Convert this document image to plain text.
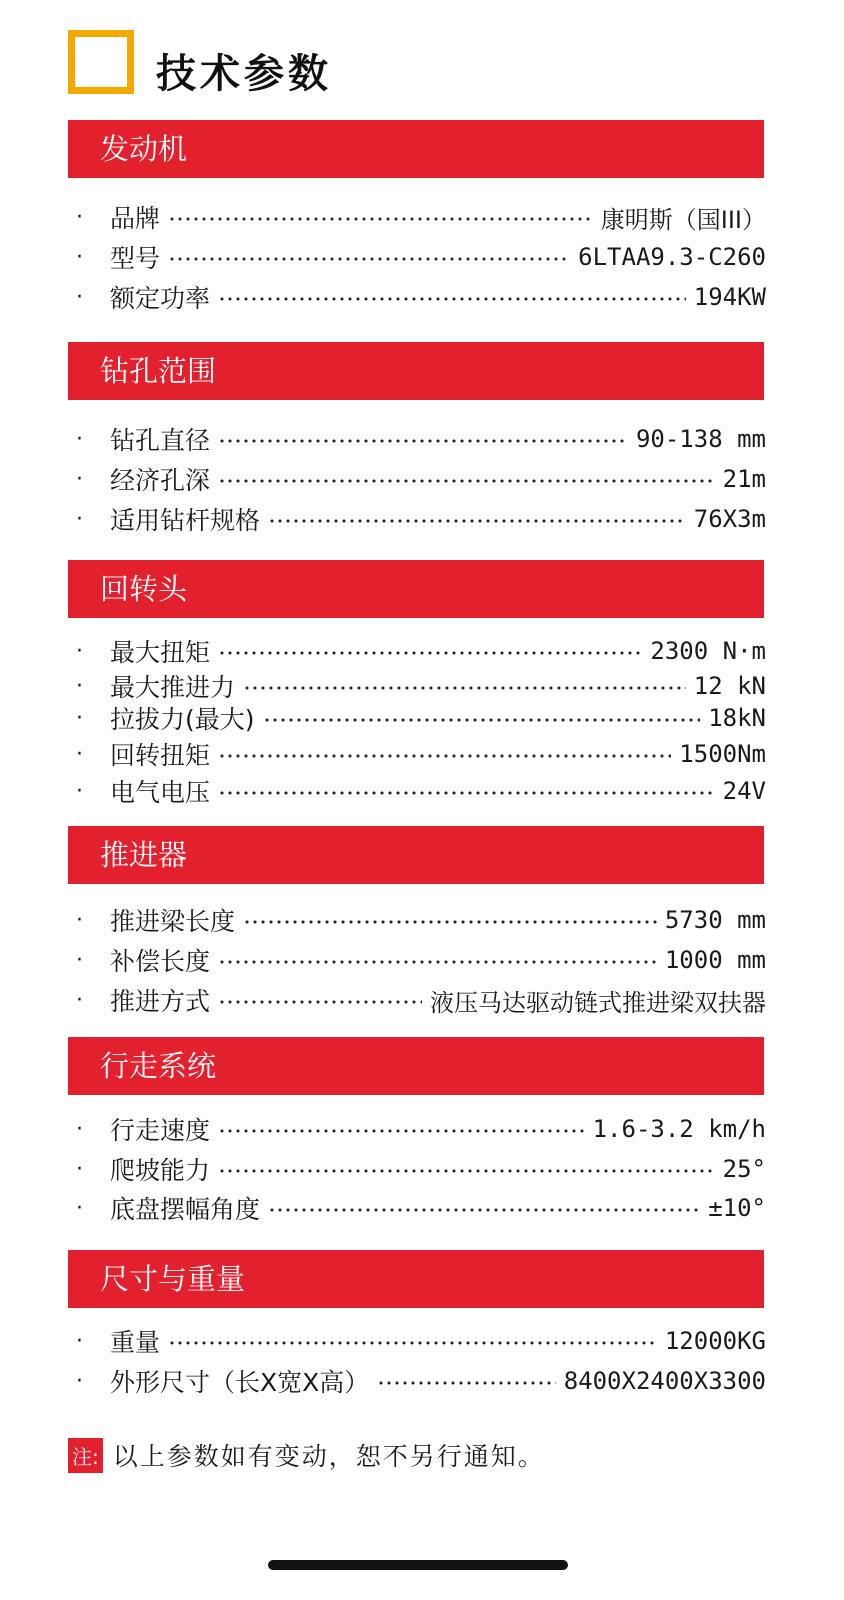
技术参数
发动机
·	品牌	康明斯（国III）
·	型号	6LTAA9.3-C260
·	额定功率	194KW
钻孔范围
·	钻孔直径	90-138 mm
·	经济孔深	21m
·	适用钻杆规格	76X3m
回转头
·	最大扭矩	2300 N·m
·	最大推进力	12 kN
·	拉拔力(最大)	18kN
·	回转扭矩	1500Nm
·	电气电压	24V
推进器
·	推进梁长度	5730 mm
·	补偿长度	1000 mm
·	推进方式	液压马达驱动链式推进梁双扶器
行走系统
·	行走速度	1.6-3.2 km/h
·	爬坡能力	25°
·	底盘摆幅角度	±10°
尺寸与重量
·	重量	12000KG
·	外形尺寸（长X宽X高）	8400X2400X3300
注: 以上参数如有变动，恕不另行通知。
